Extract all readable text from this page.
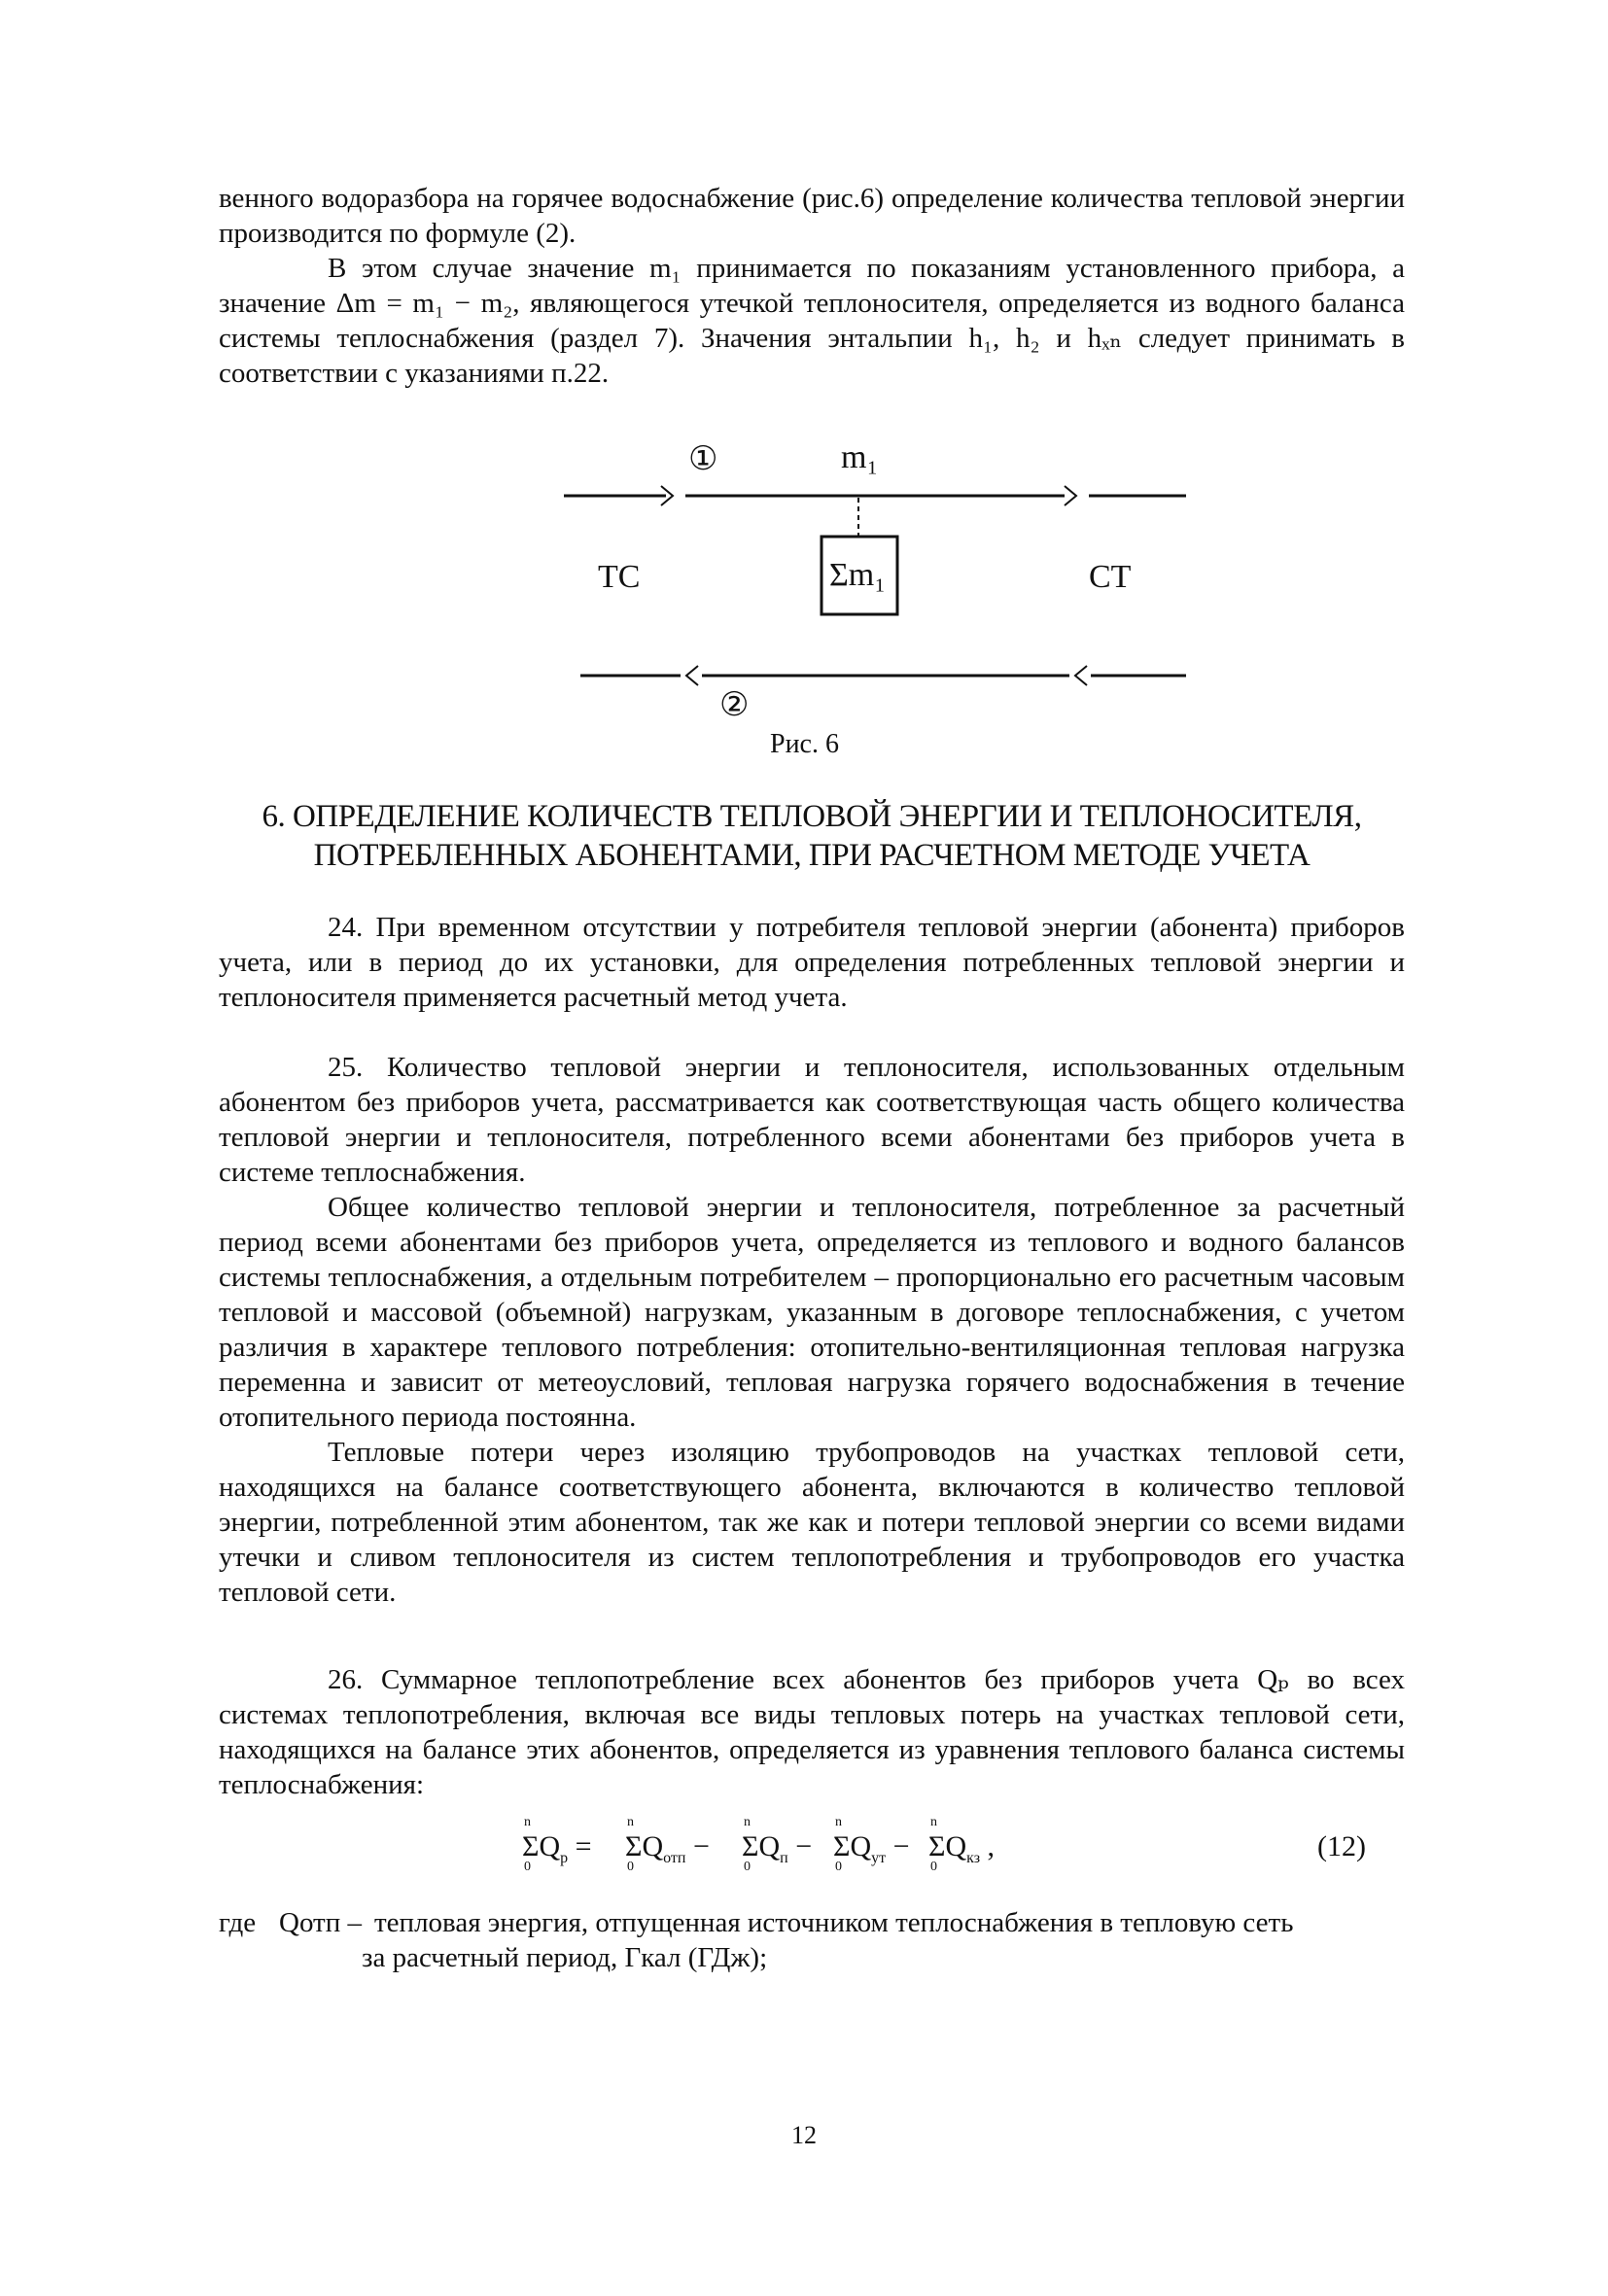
венного водоразбора на горячее водоснабжение (рис.6) определение количества тепловой энергии производится по формуле (2).

В этом случае значение m₁ принимается по показаниям установленного прибора, а значение Δm = m₁ − m₂, являющегося утечкой теплоносителя, определяется из водного баланса системы теплоснабжения (раздел 7). Значения энтальпии h₁, h₂ и hₓₙ следует принимать в соответствии с указаниями п.22.

①	m₁
ТС	Σm₁	СТ
②
Рис. 6
6. ОПРЕДЕЛЕНИЕ КОЛИЧЕСТВ ТЕПЛОВОЙ ЭНЕРГИИ И ТЕПЛОНОСИТЕЛЯ,
ПОТРЕБЛЕННЫХ АБОНЕНТАМИ, ПРИ РАСЧЕТНОМ МЕТОДЕ УЧЕТА

24. При временном отсутствии у потребителя тепловой энергии (абонента) приборов учета, или в период до их установки, для определения потребленных тепловой энергии и теплоносителя применяется расчетный метод учета.

25. Количество тепловой энергии и теплоносителя, использованных отдельным абонентом без приборов учета, рассматривается как соответствующая часть общего количества тепловой энергии и теплоносителя, потребленного всеми абонентами без приборов учета в системе теплоснабжения.

Общее количество тепловой энергии и теплоносителя, потребленное за расчетный период всеми абонентами без приборов учета, определяется из теплового и водного балансов системы теплоснабжения, а отдельным потребителем – пропорционально его расчетным часовым тепловой и массовой (объемной) нагрузкам, указанным в договоре теплоснабжения, с учетом различия в характере теплового потребления: отопительно-вентиляционная тепловая нагрузка переменна и зависит от метеоусловий, тепловая нагрузка горячего водоснабжения в течение отопительного периода постоянна.

Тепловые потери через изоляцию трубопроводов на участках тепловой сети, находящихся на балансе соответствующего абонента, включаются в количество тепловой энергии, потребленной этим абонентом, так же как и потери тепловой энергии со всеми видами утечки и сливом теплоносителя из систем теплопотребления и трубопроводов его участка тепловой сети.

26. Суммарное теплопотребление всех абонентов без приборов учета Qₚ во всех системах теплопотребления, включая все виды тепловых потерь на участках тепловой сети, находящихся на балансе этих абонентов, определяется из уравнения теплового баланса системы теплоснабжения:

n
$\Sigma Q_р$ =
0
n
$\Sigma Q_{отп}$ −
0
n
$\Sigma Q_п$ −
0
n
$\Sigma Q_{ут}$ −
0
n
$\Sigma Q_{кз}$ ,
0
(12)
где Qотп – тепловая энергия, отпущенная источником теплоснабжения в тепловую сеть
за расчетный период, Гкал (ГДж);
12
